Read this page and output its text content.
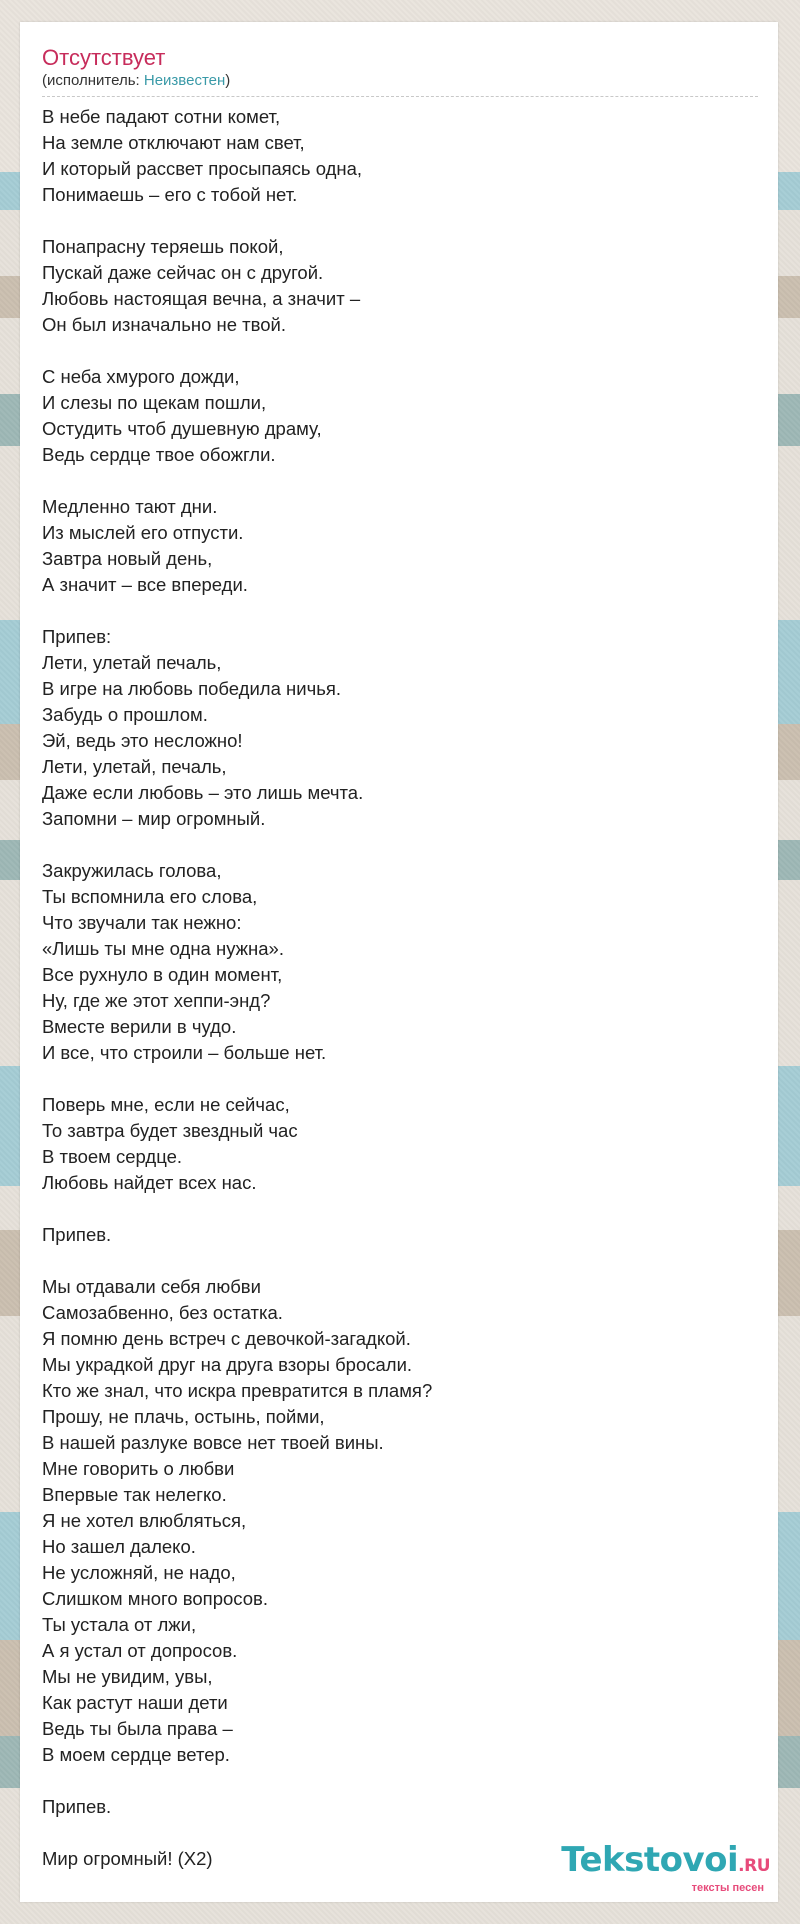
Отсутствует
(исполнитель: Неизвестен)
В небе падают сотни комет,
На земле отключают нам свет,
И который рассвет просыпаясь одна,
Понимаешь – его с тобой нет.
Понапрасну теряешь покой,
Пускай даже сейчас он с другой.
Любовь настоящая вечна, а значит –
Он был изначально не твой.
С неба хмурого дожди,
И слезы по щекам пошли,
Остудить чтоб душевную драму,
Ведь сердце твое обожгли.
Медленно тают дни.
Из мыслей его отпусти.
Завтра новый день,
А значит – все впереди.
Припев:
Лети, улетай печаль,
В игре на любовь победила ничья.
Забудь о прошлом.
Эй, ведь это несложно!
Лети, улетай, печаль,
Даже если любовь – это лишь мечта.
Запомни – мир огромный.
Закружилась голова,
Ты вспомнила его слова,
Что звучали так нежно:
«Лишь ты мне одна нужна».
Все рухнуло в один момент,
Ну, где же этот хеппи-энд?
Вместе верили в чудо.
И все, что строили – больше нет.
Поверь мне, если не сейчас,
То завтра будет звездный час
В твоем сердце.
Любовь найдет всех нас.
Припев.
Мы отдавали себя любви
Самозабвенно, без остатка.
Я помню день встреч с девочкой-загадкой.
Мы украдкой друг на друга взоры бросали.
Кто же знал, что искра превратится в пламя?
Прошу, не плачь, остынь, пойми,
В нашей разлуке вовсе нет твоей вины.
Мне говорить о любви
Впервые так нелегко.
Я не хотел влюбляться,
Но зашел далеко.
Не усложняй, не надо,
Слишком много вопросов.
Ты устала от лжи,
А я устал от допросов.
Мы не увидим, увы,
Как растут наши дети
Ведь ты была права –
В моем сердце ветер.
Припев.
Мир огромный! (X2)	Tekstovoi.RU
тексты песен
